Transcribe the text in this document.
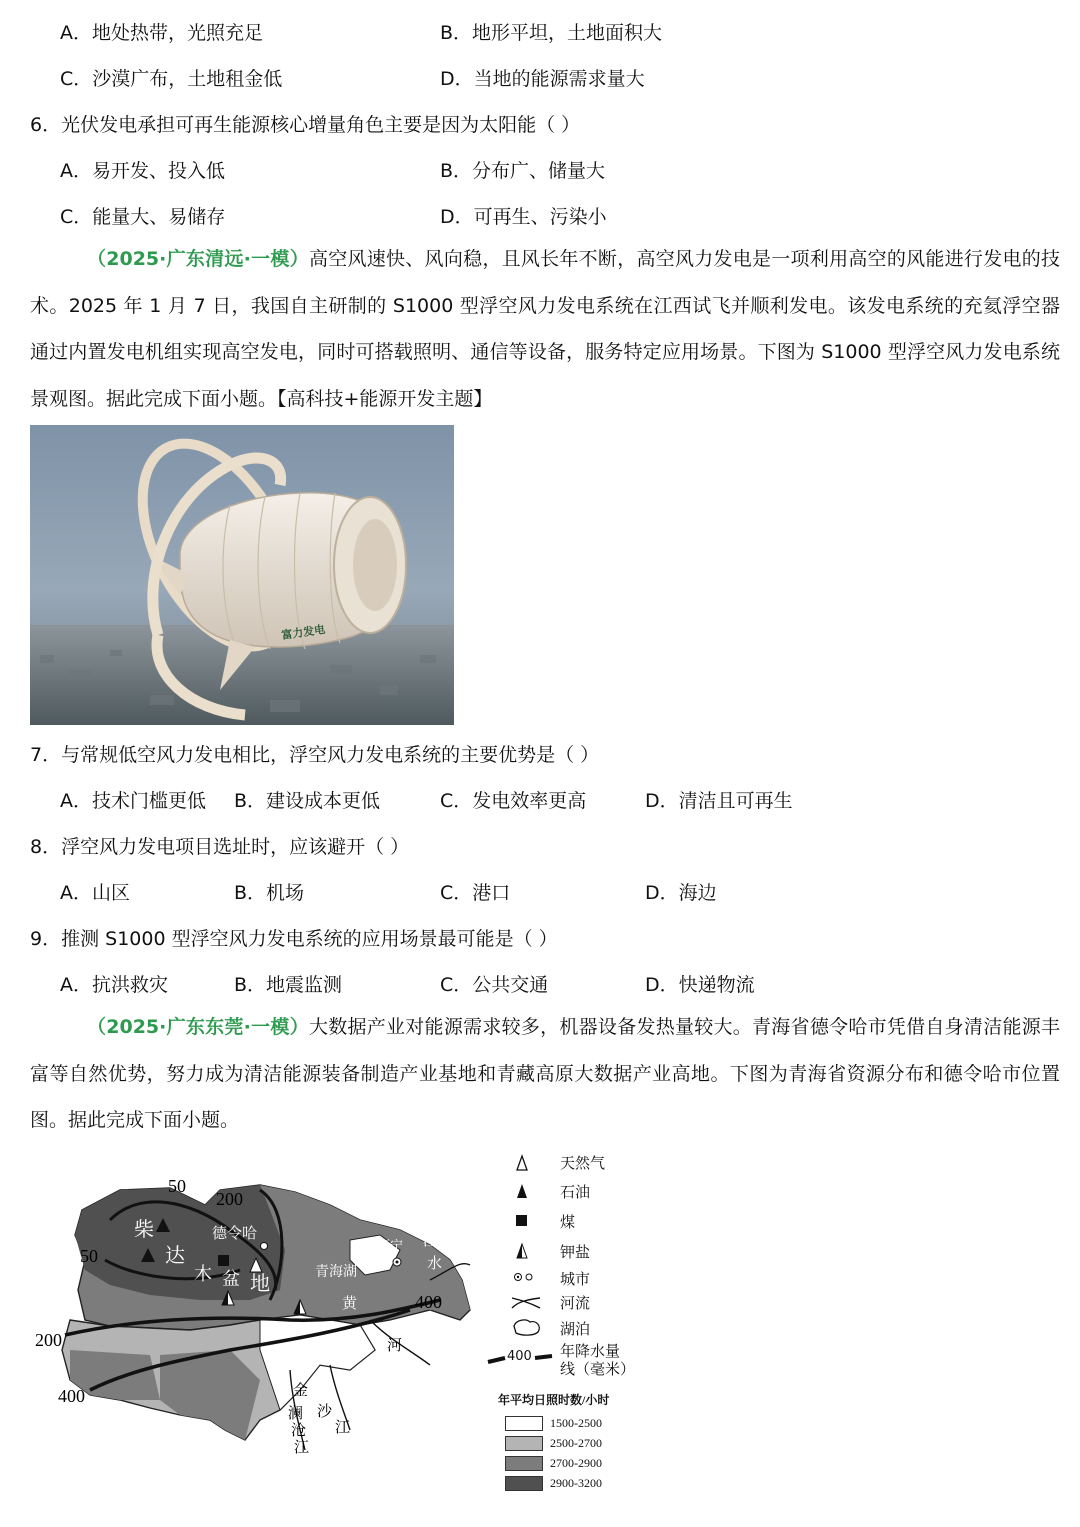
A．地处热带，光照充足	B．地形平坦，土地面积大
C．沙漠广布，土地租金低	D．当地的能源需求量大
6．光伏发电承担可再生能源核心增量角色主要是因为太阳能（ ）
A．易开发、投入低	B．分布广、储量大
C．能量大、易储存	D．可再生、污染小
（2025·广东清远·一模）高空风速快、风向稳，且风长年不断，高空风力发电是一项利用高空的风能进行发电的技术。2025 年 1 月 7 日，我国自主研制的 S1000 型浮空风力发电系统在江西试飞并顺利发电。该发电系统的充氦浮空器通过内置发电机组实现高空发电，同时可搭载照明、通信等设备，服务特定应用场景。下图为 S1000 型浮空风力发电系统景观图。据此完成下面小题。【高科技+能源开发主题】
富力发电
7．与常规低空风力发电相比，浮空风力发电系统的主要优势是（ ）
A．技术门槛更低 B．建设成本更低	C．发电效率更高	D．清洁且可再生
8．浮空风力发电项目选址时，应该避开（ ）
A．山区	B．机场	C．港口	D．海边
9．推测 S1000 型浮空风力发电系统的应用场景最可能是（ ）
A．抗洪救灾	B．地震监测	C．公共交通	D．快递物流
（2025·广东东莞·一模）大数据产业对能源需求较多，机器设备发热量较大。青海省德令哈市凭借自身清洁能源丰富等自然优势，努力成为清洁能源装备制造产业基地和青藏高原大数据产业高地。下图为青海省资源分布和德令哈市位置图。据此完成下面小题。
50
200
50
200
400
400
柴
达
木 盆 地
德令哈
西宁
青海湖
黄
河
湟
水
金
沙
江
澜
沧
江
天然气
石油
煤
钾盐
城市
河流
湖泊
400 年降水量
线（毫米）
年平均日照时数/小时
1500-2500
2500-2700
2700-2900
2900-3200
